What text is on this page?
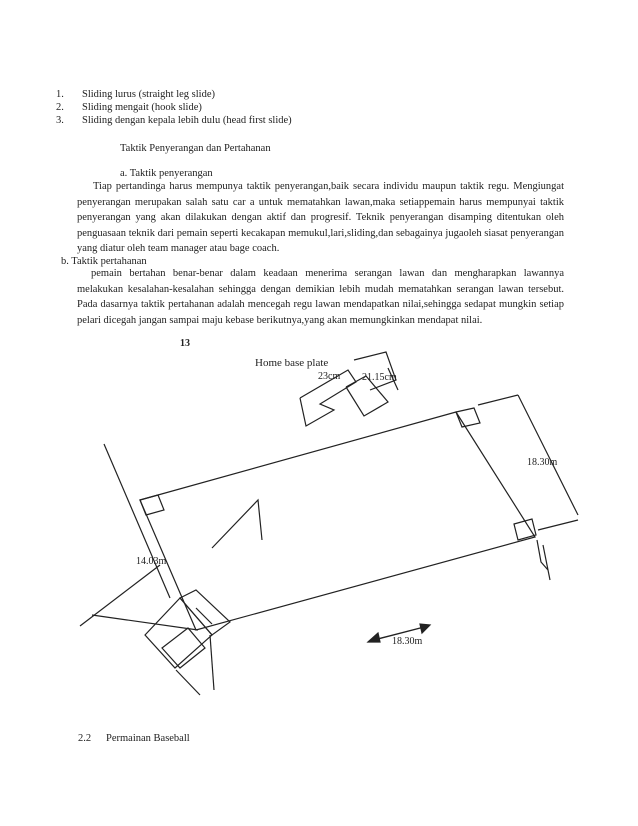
1.	Sliding lurus (straight leg slide)
2.	Sliding mengait (hook slide)
3.	Sliding dengan kepala lebih dulu (head first slide)
Taktik Penyerangan dan Pertahanan
a. Taktik penyerangan
Tiap pertandinga harus mempunya taktik penyerangan,baik secara individu maupun taktik regu. Mengiungat penyerangan merupakan salah satu car a untuk mematahkan lawan,maka setiappemain harus mempunyai taktik penyerangan yang akan dilakukan dengan aktif dan progresif. Teknik penyerangan disamping ditentukan oleh penguasaan teknik dari pemain seperti kecakapan memukul,lari,sliding,dan sebagainya jugaoleh siasat penyerangan yang diatur oleh team manager atau bage coach.
b. Taktik pertahanan
pemain bertahan benar-benar dalam keadaan menerima serangan lawan dan mengharapkan lawannya melakukan kesalahan-kesalahan sehingga dengan demikian lebih mudah mematahkan serangan lawan tersebut. Pada dasarnya taktik pertahanan adalah mencegah regu lawan mendapatkan nilai,sehingga sedapat mungkin setiap pelari dicegah jangan sampai maju kebase berikutnya,yang akan memungkinkan mendapat nilai.
13
Home base plate
23cm 21.15cm
18.30m
14.03m
18.30m
2.2	Permainan Baseball
